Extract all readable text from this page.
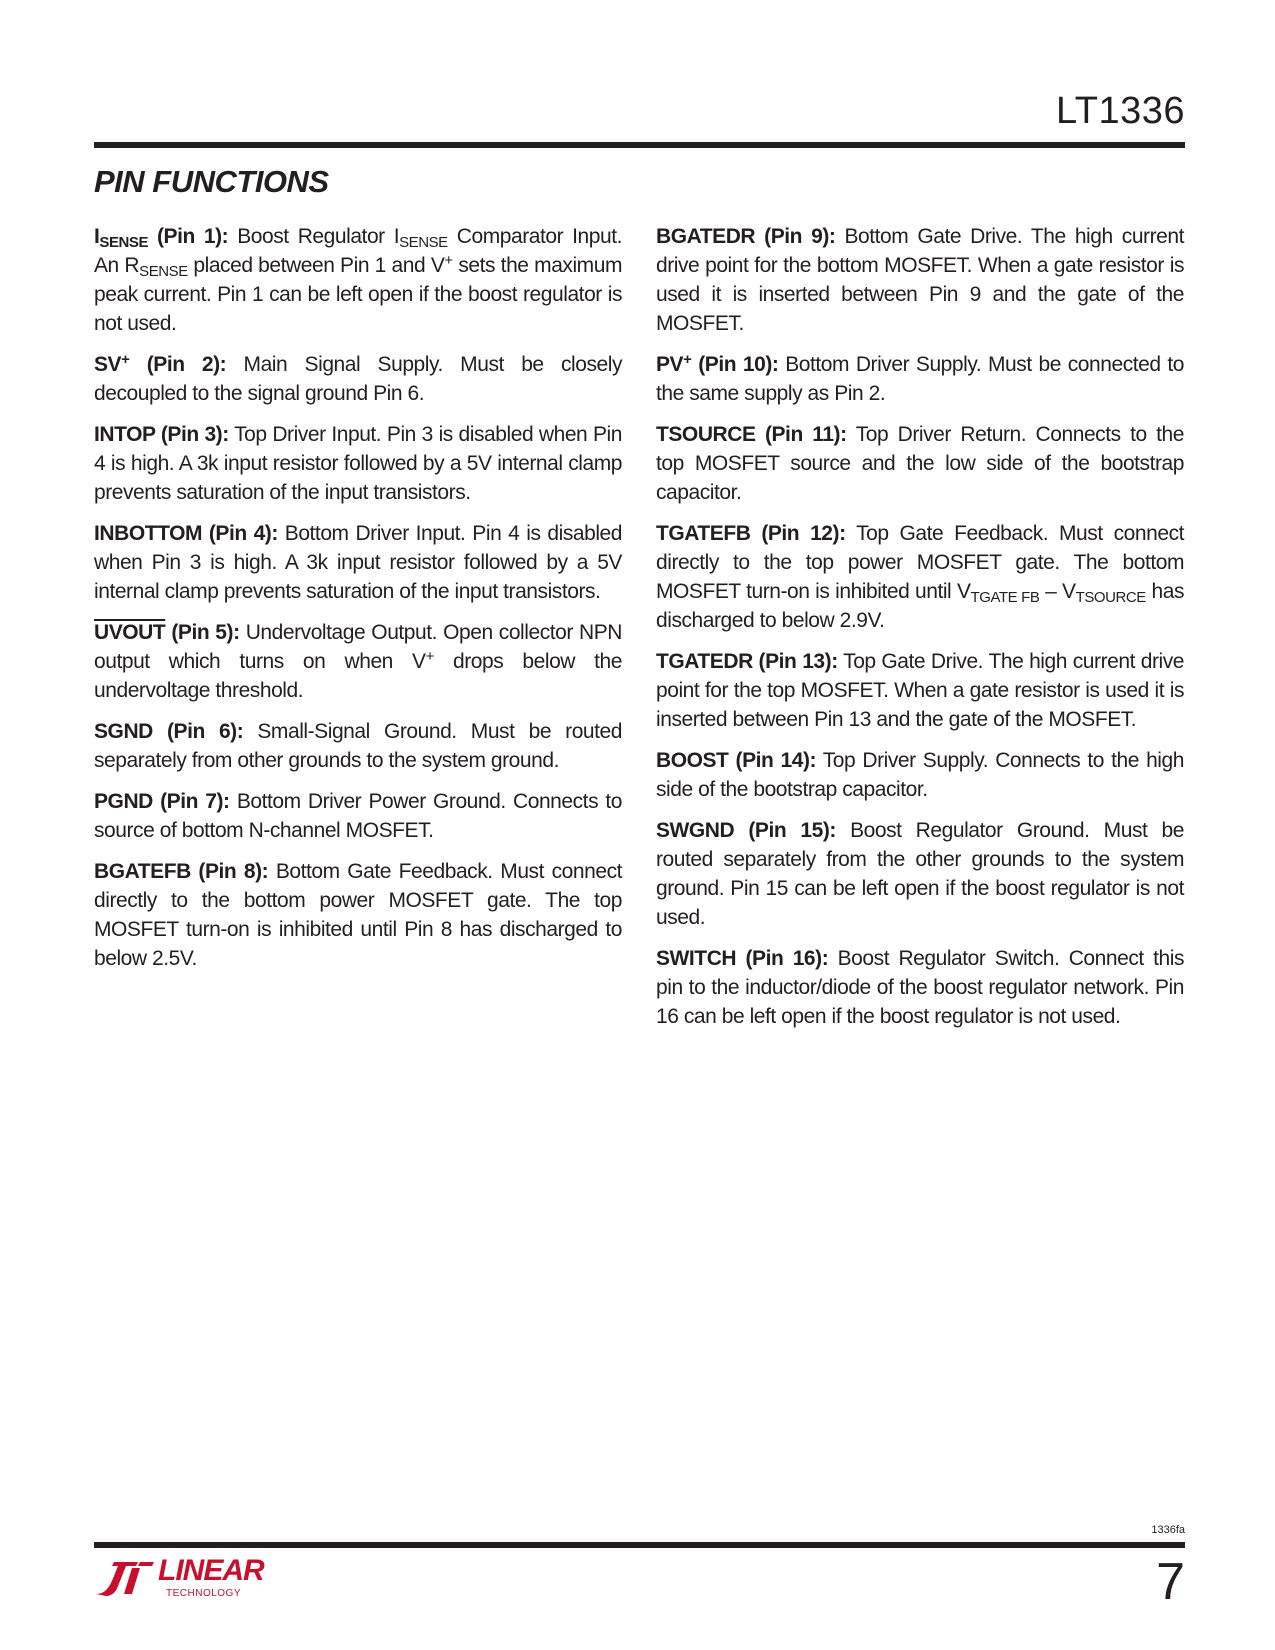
LT1336
PIN FUNCTIONS

$I_{SENSE}$ (Pin 1): Boost Regulator $I_{SENSE}$ Comparator Input. An $R_{SENSE}$ placed between Pin 1 and V+ sets the maximum peak current. Pin 1 can be left open if the boost regulator is not used.

SV+ (Pin 2): Main Signal Supply. Must be closely decoupled to the signal ground Pin 6.

INTOP (Pin 3): Top Driver Input. Pin 3 is disabled when Pin 4 is high. A 3k input resistor followed by a 5V internal clamp prevents saturation of the input transistors.

INBOTTOM (Pin 4): Bottom Driver Input. Pin 4 is disabled when Pin 3 is high. A 3k input resistor followed by a 5V internal clamp prevents saturation of the input transistors.

UVOUT (Pin 5): Undervoltage Output. Open collector NPN output which turns on when V+ drops below the undervoltage threshold.

SGND (Pin 6): Small-Signal Ground. Must be routed separately from other grounds to the system ground.

PGND (Pin 7): Bottom Driver Power Ground. Connects to source of bottom N-channel MOSFET.

BGATEFB (Pin 8): Bottom Gate Feedback. Must connect directly to the bottom power MOSFET gate. The top MOSFET turn-on is inhibited until Pin 8 has discharged to below 2.5V.

BGATEDR (Pin 9): Bottom Gate Drive. The high current drive point for the bottom MOSFET. When a gate resistor is used it is inserted between Pin 9 and the gate of the MOSFET.

PV+ (Pin 10): Bottom Driver Supply. Must be connected to the same supply as Pin 2.

TSOURCE (Pin 11): Top Driver Return. Connects to the top MOSFET source and the low side of the bootstrap capacitor.

TGATEFB (Pin 12): Top Gate Feedback. Must connect directly to the top power MOSFET gate. The bottom MOSFET turn-on is inhibited until $V_{TGATE FB} - V_{TSOURCE}$ has discharged to below 2.9V.

TGATEDR (Pin 13): Top Gate Drive. The high current drive point for the top MOSFET. When a gate resistor is used it is inserted between Pin 13 and the gate of the MOSFET.

BOOST (Pin 14): Top Driver Supply. Connects to the high side of the bootstrap capacitor.

SWGND (Pin 15): Boost Regulator Ground. Must be routed separately from the other grounds to the system ground. Pin 15 can be left open if the boost regulator is not used.

SWITCH (Pin 16): Boost Regulator Switch. Connect this pin to the inductor/diode of the boost regulator network. Pin 16 can be left open if the boost regulator is not used.

1336fa
LINEAR
TECHNOLOGY	7
